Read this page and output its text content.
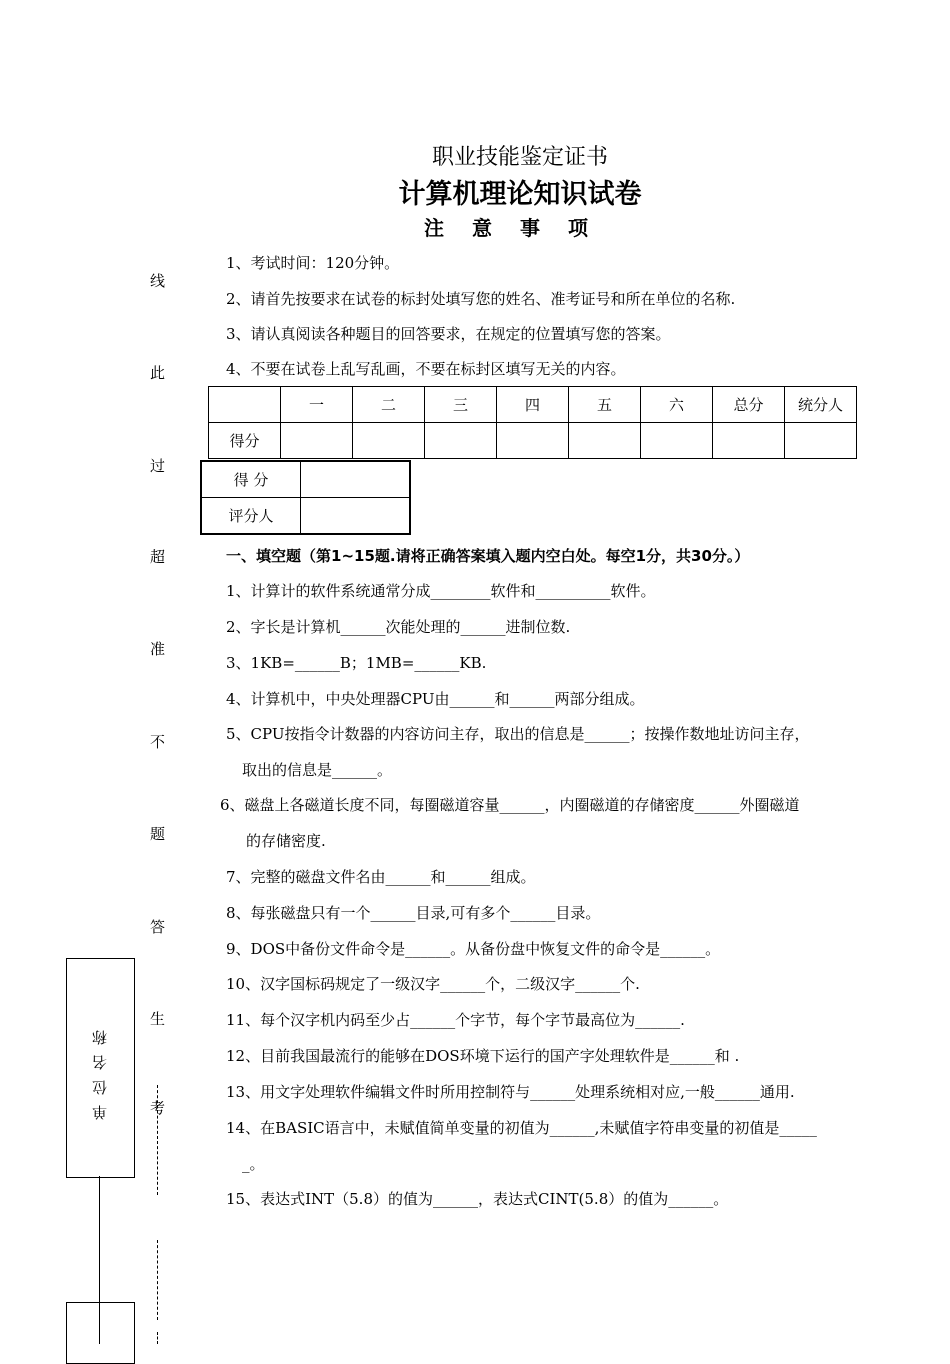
职业技能鉴定证书
计算机理论知识试卷
注意事项
1、考试时间：120分钟。
2、请首先按要求在试卷的标封处填写您的姓名、准考证号和所在单位的名称.
3、请认真阅读各种题目的回答要求，在规定的位置填写您的答案。
4、不要在试卷上乱写乱画，不要在标封区填写无关的内容。
	一	二	三	四	五	六	总分	统分人
得分								
得 分	
评分人	
线
此
过
超
准
不
题
答
生
考
单位名称
一、填空题（第1~15题.请将正确答案填入题内空白处。每空1分，共30分。）
1、计算计的软件系统通常分成________软件和__________软件。
2、字长是计算机______次能处理的______进制位数.
3、1KB=______B；1MB=______KB.
4、计算机中，中央处理器CPU由______和______两部分组成。
5、CPU按指令计数器的内容访问主存，取出的信息是______；按操作数地址访问主存，
取出的信息是______。
6、磁盘上各磁道长度不同，每圈磁道容量______，内圈磁道的存储密度______外圈磁道
的存储密度.
7、完整的磁盘文件名由______和______组成。
8、每张磁盘只有一个______目录,可有多个______目录。
9、DOS中备份文件命令是______。从备份盘中恢复文件的命令是______。
10、汉字国标码规定了一级汉字______个，二级汉字______个.
11、每个汉字机内码至少占______个字节，每个字节最高位为______.
12、目前我国最流行的能够在DOS环境下运行的国产字处理软件是______和 .
13、用文字处理软件编辑文件时所用控制符与______处理系统相对应,一般______通用.
14、在BASIC语言中，未赋值简单变量的初值为______,未赋值字符串变量的初值是_____
_。
15、表达式INT（5.8）的值为______，表达式CINT(5.8）的值为______。
